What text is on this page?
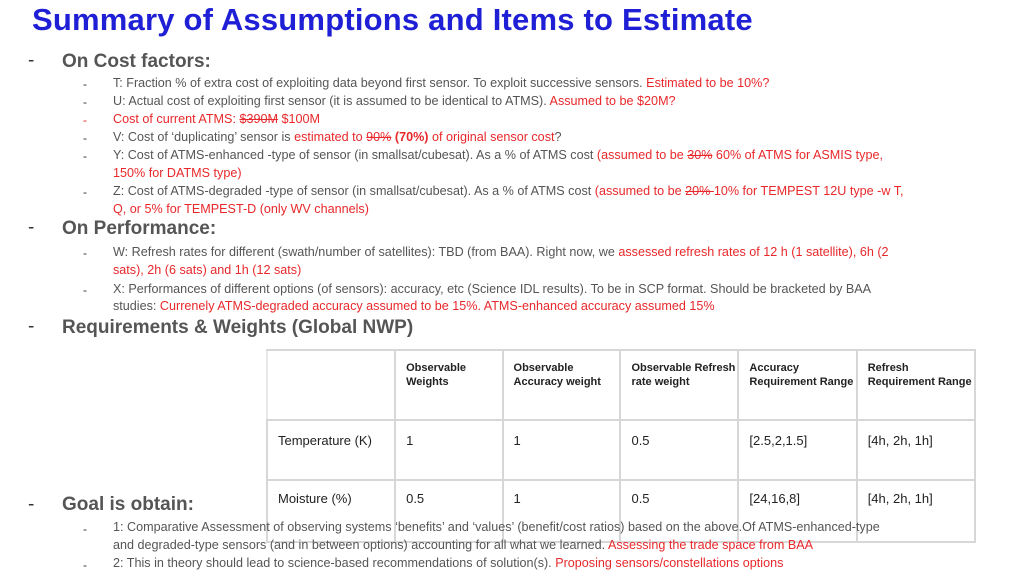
Summary of Assumptions and Items to Estimate
- On Cost factors:
- T: Fraction % of extra cost of exploiting data beyond first sensor. To exploit successive sensors. Estimated to be 10%?
- U: Actual cost of exploiting first sensor (it is assumed to be identical to ATMS). Assumed to be $20M?
- Cost of current ATMS: $390M $100M
- V: Cost of ‘duplicating’ sensor is estimated to 90% (70%) of original sensor cost?
- Y: Cost of ATMS-enhanced -type of sensor (in smallsat/cubesat). As a % of ATMS cost (assumed to be 30% 60% of ATMS for ASMIS type,
150% for DATMS type)
- Z: Cost of ATMS-degraded -type of sensor (in smallsat/cubesat). As a % of ATMS cost (assumed to be 20% 10% for TEMPEST 12U type -w T,
Q, or 5% for TEMPEST-D (only WV channels)
- On Performance:
- W: Refresh rates for different (swath/number of satellites): TBD (from BAA). Right now, we assessed refresh rates of 12 h (1 satellite), 6h (2
sats), 2h (6 sats) and 1h (12 sats)
- X: Performances of different options (of sensors): accuracy, etc (Science IDL results). To be in SCP format. Should be bracketed by BAA
studies: Currenely ATMS-degraded accuracy assumed to be 15%. ATMS-enhanced accuracy assumed 15%
- Requirements & Weights (Global NWP)
	Observable Weights	Observable Accuracy weight	Observable Refresh rate weight	Accuracy Requirement Range	Refresh Requirement Range
Temperature (K)	1	1	0.5	[2.5,2,1.5]	[4h, 2h, 1h]
Moisture (%)	0.5	1	0.5	[24,16,8]	[4h, 2h, 1h]
- Goal is obtain:
- 1: Comparative Assessment of observing systems ‘benefits’ and ‘values’ (benefit/cost ratios) based on the above.Of ATMS-enhanced-type
and degraded-type sensors (and in between options) accounting for all what we learned. Assessing the trade space from BAA
- 2: This in theory should lead to science-based recommendations of solution(s). Proposing sensors/constellations options
